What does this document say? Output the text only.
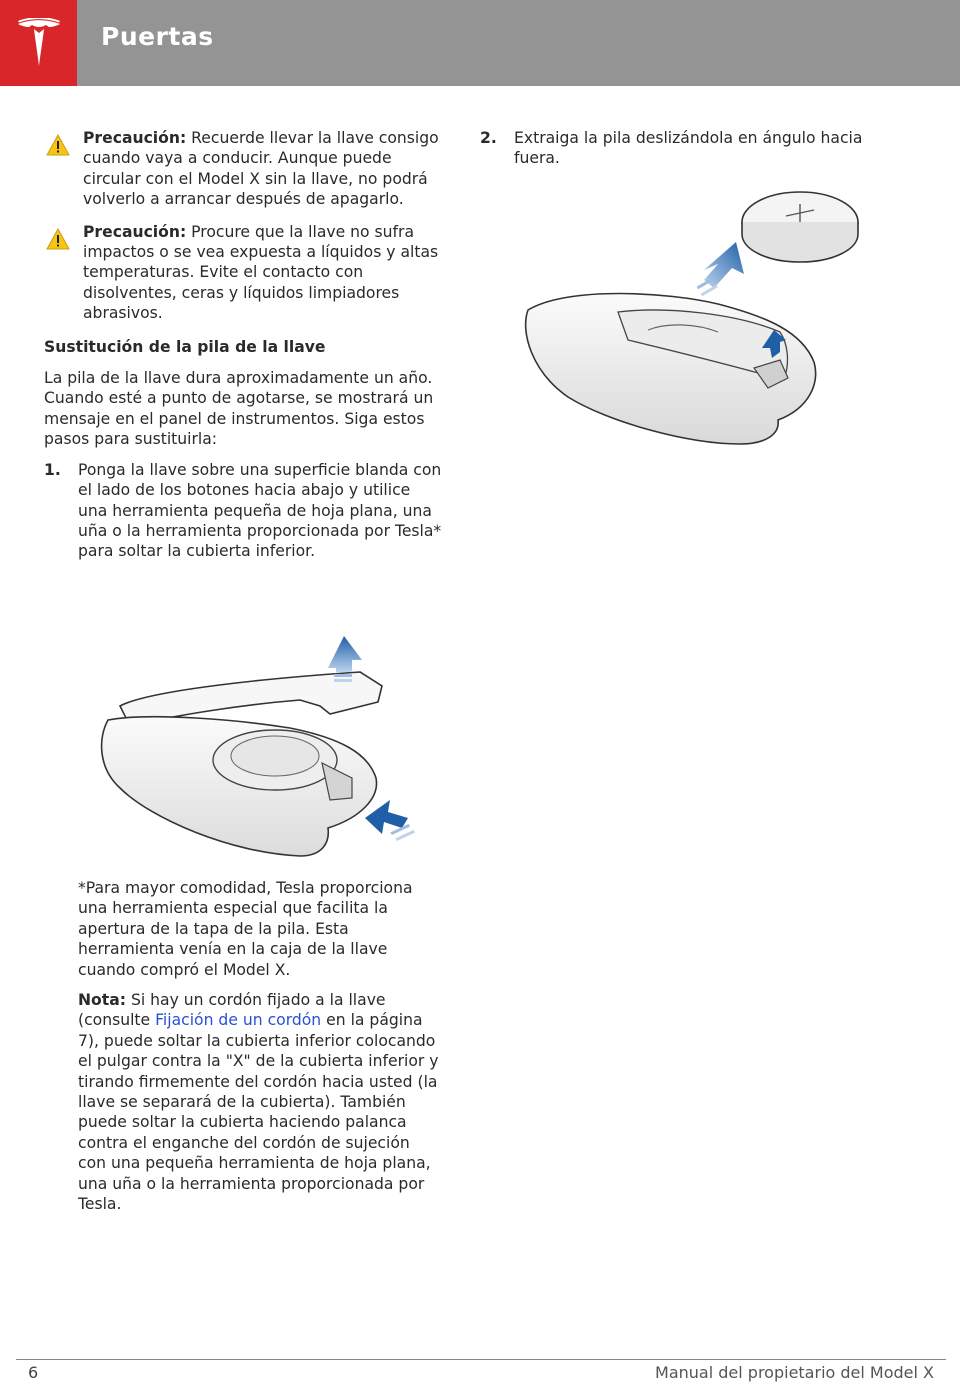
Puertas
Precaución: Recuerde llevar la llave consigo cuando vaya a conducir. Aunque puede circular con el Model X sin la llave, no podrá volverlo a arrancar después de apagarlo.
Precaución: Procure que la llave no sufra impactos o se vea expuesta a líquidos y altas temperaturas. Evite el contacto con disolventes, ceras y líquidos limpiadores abrasivos.
Sustitución de la pila de la llave
La pila de la llave dura aproximadamente un año. Cuando esté a punto de agotarse, se mostrará un mensaje en el panel de instrumentos. Siga estos pasos para sustituirla:
1. Ponga la llave sobre una superficie blanda con el lado de los botones hacia abajo y utilice una herramienta pequeña de hoja plana, una uña o la herramienta proporcionada por Tesla* para soltar la cubierta inferior.

*Para mayor comodidad, Tesla proporciona una herramienta especial que facilita la apertura de la tapa de la pila. Esta herramienta venía en la caja de la llave cuando compró el Model X.

Nota: Si hay un cordón fijado a la llave (consulte Fijación de un cordón en la página 7), puede soltar la cubierta inferior colocando el pulgar contra la "X" de la cubierta inferior y tirando firmemente del cordón hacia usted (la llave se separará de la cubierta). También puede soltar la cubierta haciendo palanca contra el enganche del cordón de sujeción con una pequeña herramienta de hoja plana, una uña o la herramienta proporcionada por Tesla.

2. Extraiga la pila deslizándola en ángulo hacia fuera.
6	Manual del propietario del Model X
